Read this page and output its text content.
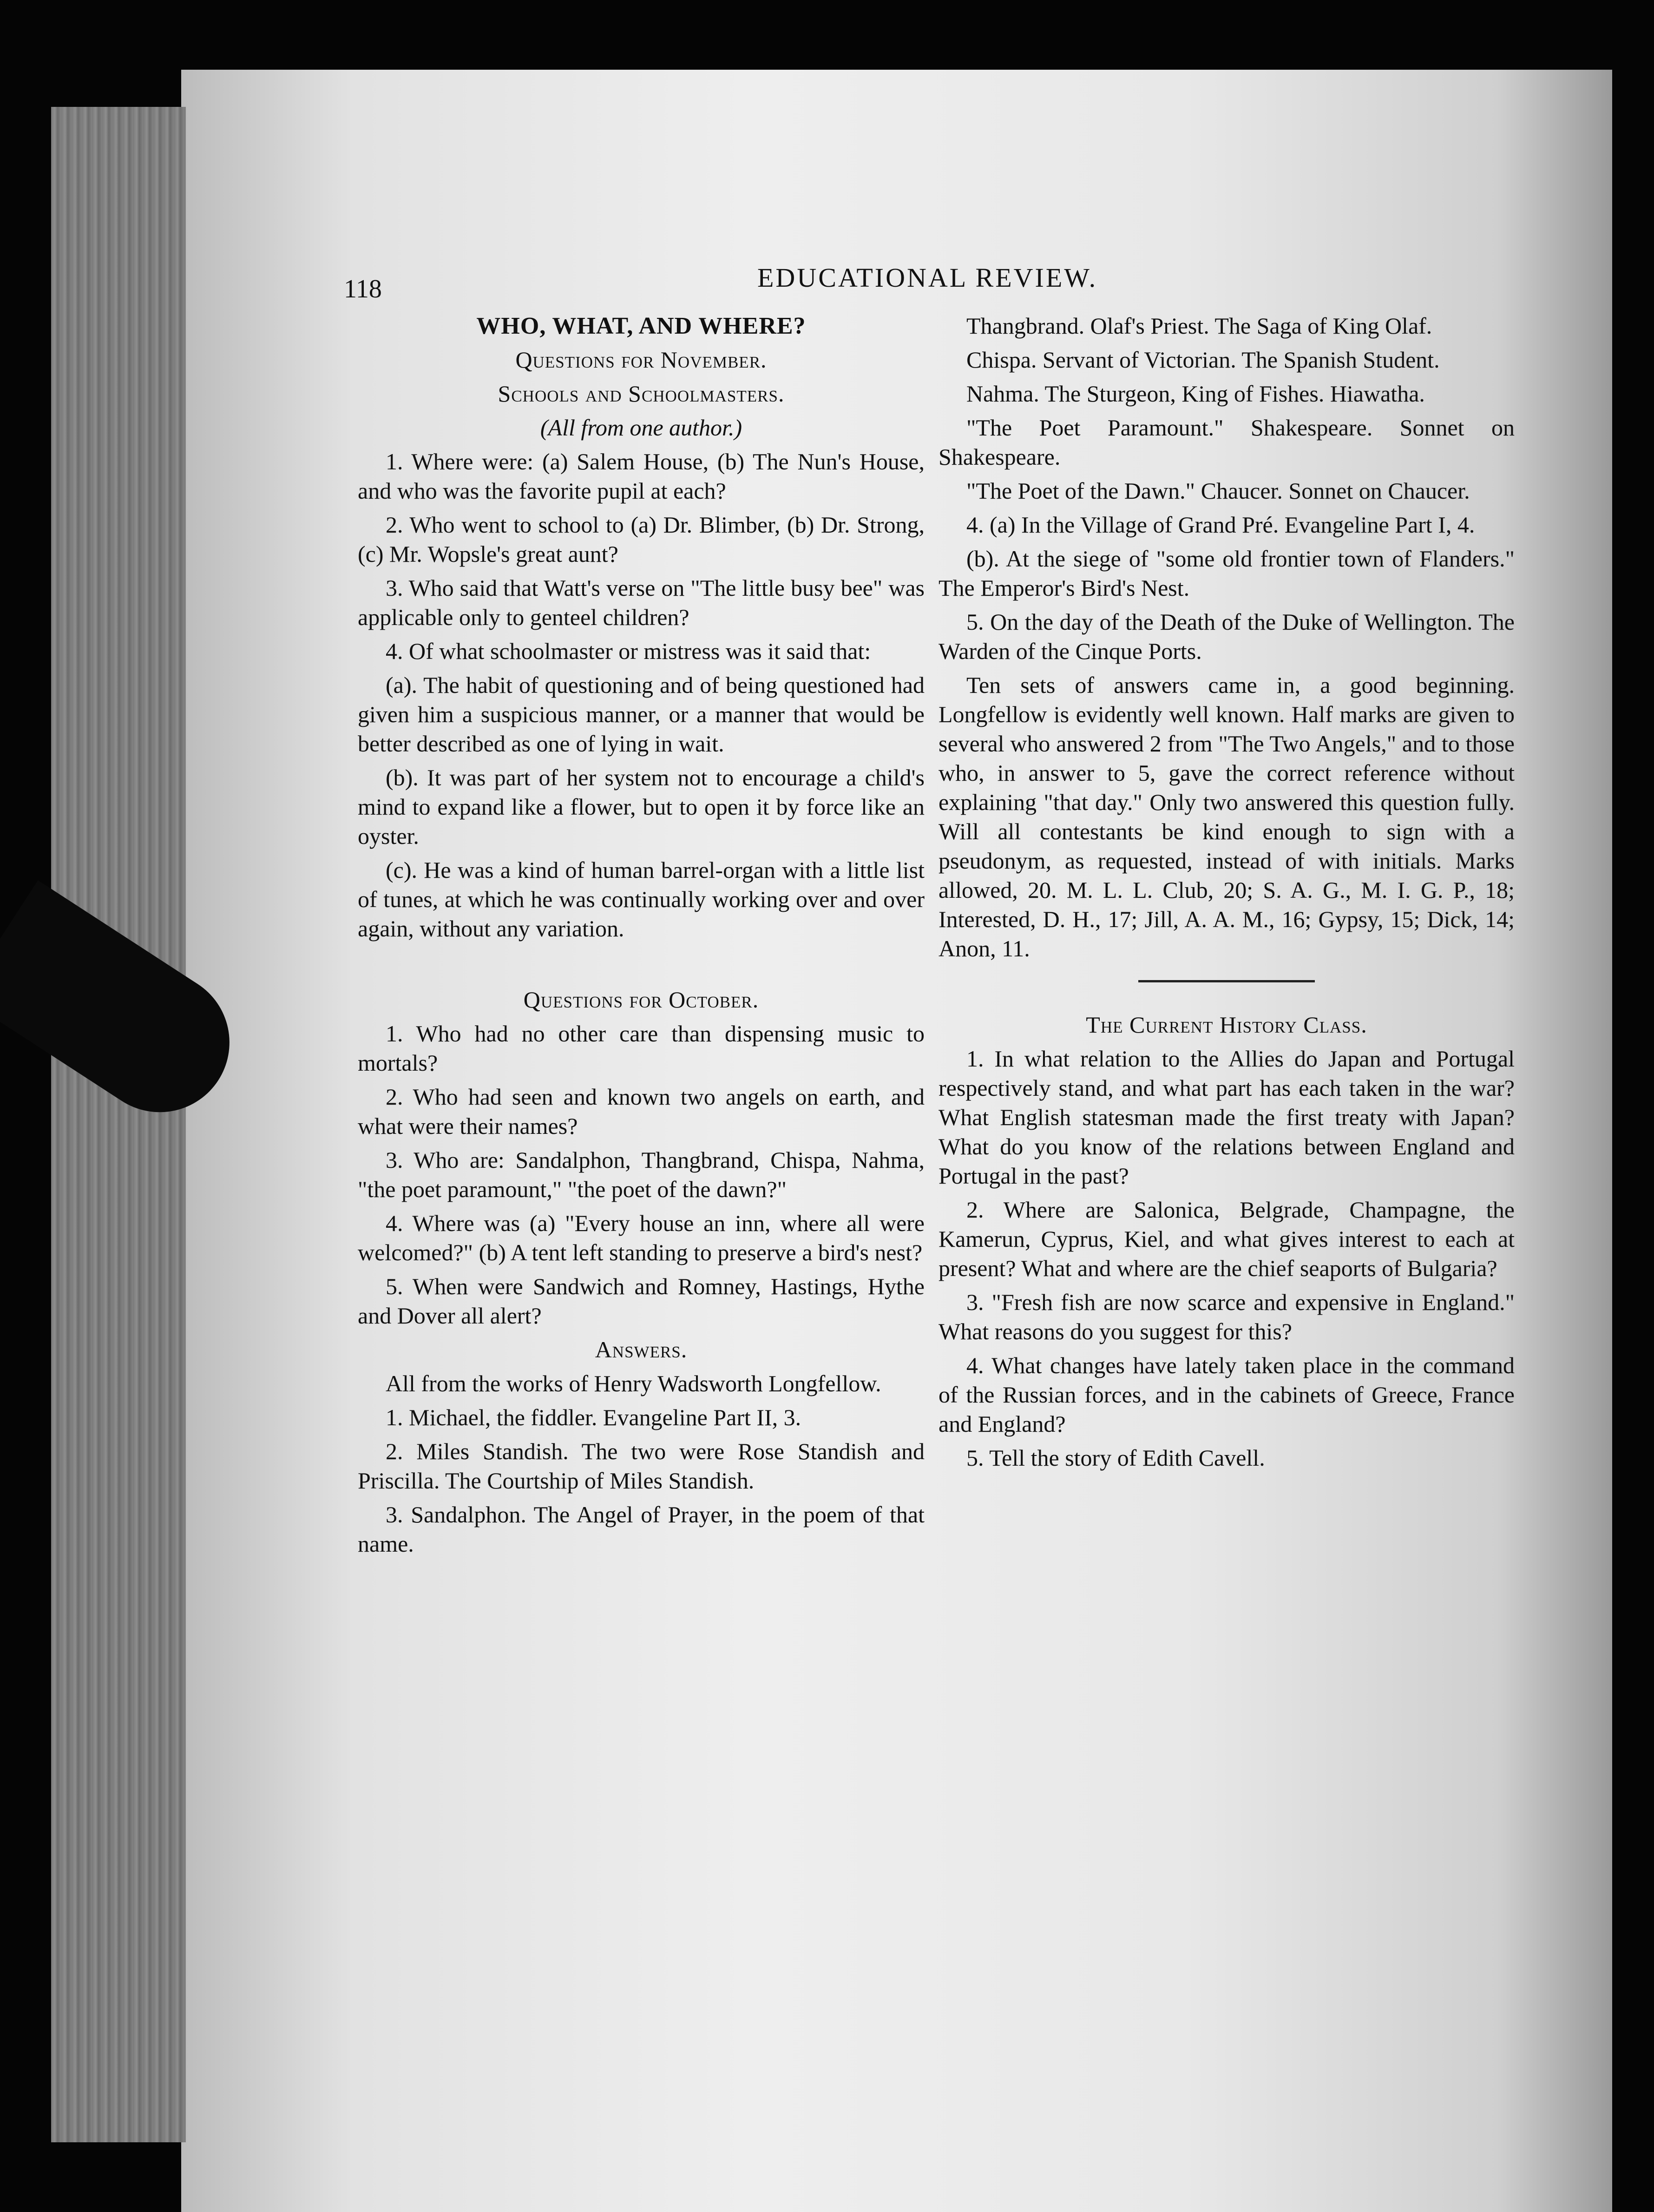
118	EDUCATIONAL REVIEW.

WHO, WHAT, AND WHERE?

Questions for November.

Schools and Schoolmasters.

(All from one author.)

1. Where were: (a) Salem House, (b) The Nun's House, and who was the favorite pupil at each?

2. Who went to school to (a) Dr. Blimber, (b) Dr. Strong, (c) Mr. Wopsle's great aunt?

3. Who said that Watt's verse on "The little busy bee" was applicable only to genteel children?

4. Of what schoolmaster or mistress was it said that:

(a). The habit of questioning and of being questioned had given him a suspicious manner, or a manner that would be better described as one of lying in wait.

(b). It was part of her system not to encourage a child's mind to expand like a flower, but to open it by force like an oyster.

(c). He was a kind of human barrel-organ with a little list of tunes, at which he was continually working over and over again, without any variation.

Questions for October.

1. Who had no other care than dispensing music to mortals?

2. Who had seen and known two angels on earth, and what were their names?

3. Who are: Sandalphon, Thangbrand, Chispa, Nahma, "the poet paramount," "the poet of the dawn?"

4. Where was (a) "Every house an inn, where all were welcomed?" (b) A tent left standing to preserve a bird's nest?

5. When were Sandwich and Romney, Hastings, Hythe and Dover all alert?

Answers.

All from the works of Henry Wadsworth Longfellow.

1. Michael, the fiddler. Evangeline Part II, 3.

2. Miles Standish. The two were Rose Standish and Priscilla. The Courtship of Miles Standish.

3. Sandalphon. The Angel of Prayer, in the poem of that name.

Thangbrand. Olaf's Priest. The Saga of King Olaf.

Chispa. Servant of Victorian. The Spanish Student.

Nahma. The Sturgeon, King of Fishes. Hiawatha.

"The Poet Paramount." Shakespeare. Sonnet on Shakespeare.

"The Poet of the Dawn." Chaucer. Sonnet on Chaucer.

4. (a) In the Village of Grand Pré. Evangeline Part I, 4.

(b). At the siege of "some old frontier town of Flanders." The Emperor's Bird's Nest.

5. On the day of the Death of the Duke of Wellington. The Warden of the Cinque Ports.

Ten sets of answers came in, a good beginning. Longfellow is evidently well known. Half marks are given to several who answered 2 from "The Two Angels," and to those who, in answer to 5, gave the correct reference without explaining "that day." Only two answered this question fully. Will all contestants be kind enough to sign with a pseudonym, as requested, instead of with initials. Marks allowed, 20. M. L. L. Club, 20; S. A. G., M. I. G. P., 18; Interested, D. H., 17; Jill, A. A. M., 16; Gypsy, 15; Dick, 14; Anon, 11.

The Current History Class.

1. In what relation to the Allies do Japan and Portugal respectively stand, and what part has each taken in the war? What English statesman made the first treaty with Japan? What do you know of the relations between England and Portugal in the past?

2. Where are Salonica, Belgrade, Champagne, the Kamerun, Cyprus, Kiel, and what gives interest to each at present? What and where are the chief seaports of Bulgaria?

3. "Fresh fish are now scarce and expensive in England." What reasons do you suggest for this?

4. What changes have lately taken place in the command of the Russian forces, and in the cabinets of Greece, France and England?

5. Tell the story of Edith Cavell.
